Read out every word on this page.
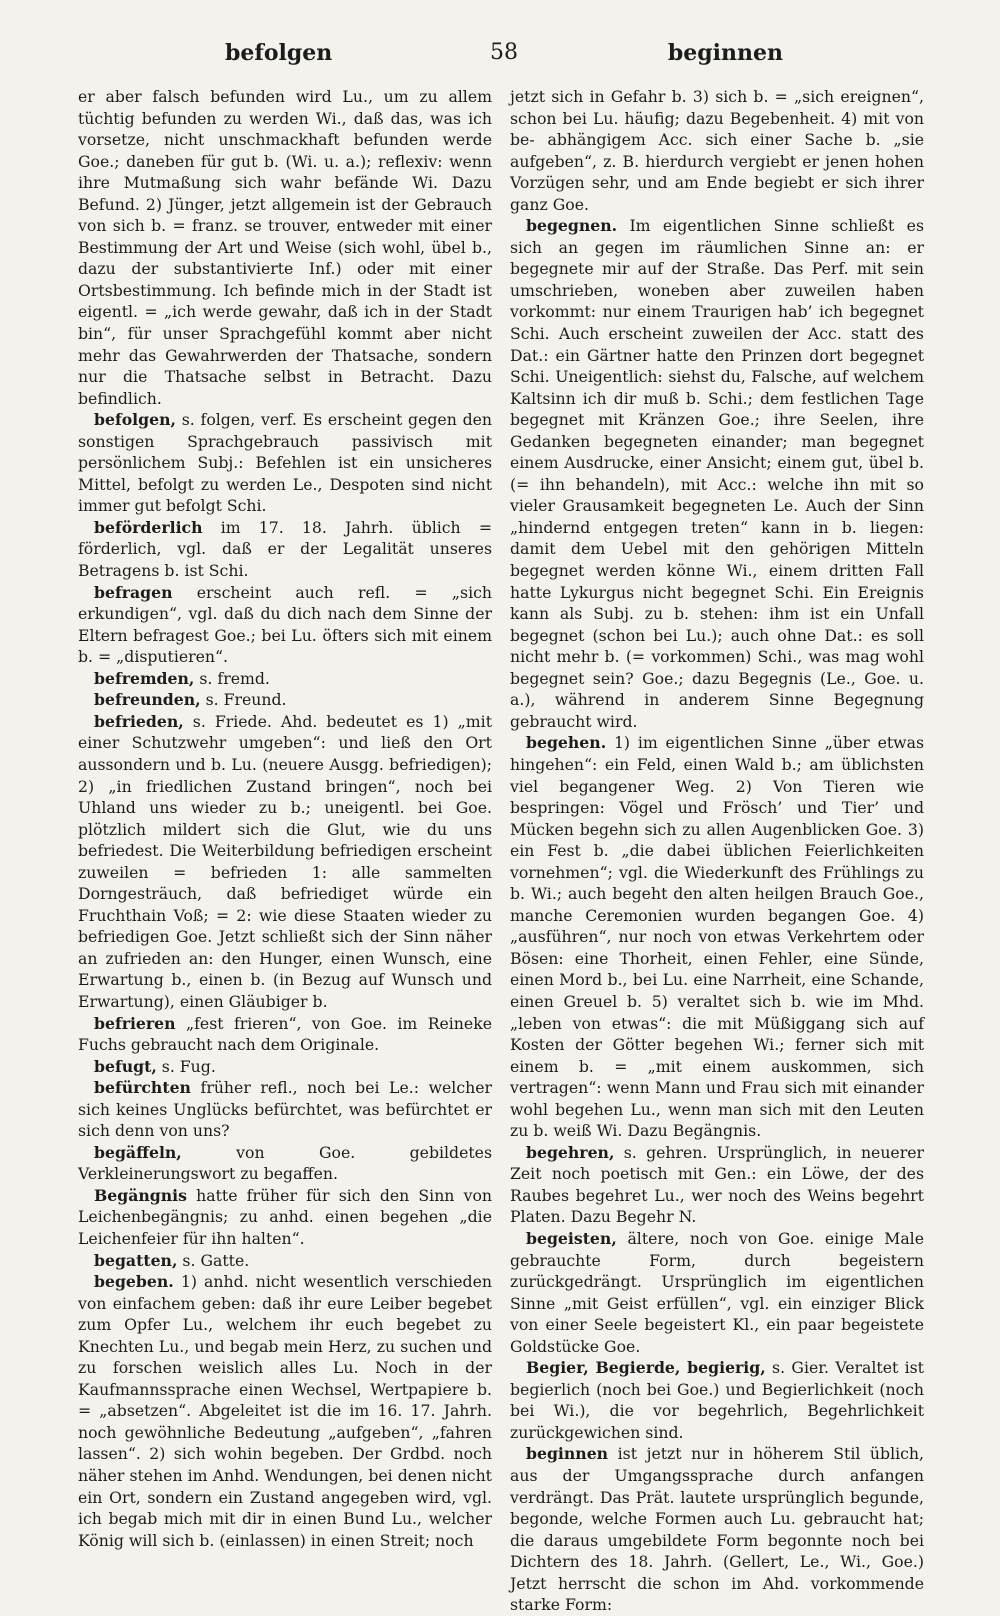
befolgen	58	beginnen

er aber falsch befunden wird Lu., um zu allem tüchtig befunden zu werden Wi., daß das, was ich vorsetze, nicht unschmackhaft befunden werde Goe.; daneben für gut b. (Wi. u. a.); reflexiv: wenn ihre Mutmaßung sich wahr befände Wi. Dazu Befund. 2) Jünger, jetzt allgemein ist der Gebrauch von sich b. = franz. se trouver, entweder mit einer Bestimmung der Art und Weise (sich wohl, übel b., dazu der substantivierte Inf.) oder mit einer Ortsbestimmung. Ich befinde mich in der Stadt ist eigentl. = „ich werde gewahr, daß ich in der Stadt bin“, für unser Sprachgefühl kommt aber nicht mehr das Gewahrwerden der Thatsache, sondern nur die Thatsache selbst in Betracht. Dazu befindlich.

befolgen, s. folgen, verf. Es erscheint gegen den sonstigen Sprachgebrauch passivisch mit persönlichem Subj.: Befehlen ist ein unsicheres Mittel, befolgt zu werden Le., Despoten sind nicht immer gut befolgt Schi.

beförderlich im 17. 18. Jahrh. üblich = förderlich, vgl. daß er der Legalität unseres Betragens b. ist Schi.

befragen erscheint auch refl. = „sich erkundigen“, vgl. daß du dich nach dem Sinne der Eltern befragest Goe.; bei Lu. öfters sich mit einem b. = „disputieren“.

befremden, s. fremd.

befreunden, s. Freund.

befrieden, s. Friede. Ahd. bedeutet es 1) „mit einer Schutzwehr umgeben“: und ließ den Ort aussondern und b. Lu. (neuere Ausgg. befriedigen); 2) „in friedlichen Zustand bringen“, noch bei Uhland uns wieder zu b.; uneigentl. bei Goe. plötzlich mildert sich die Glut, wie du uns befriedest. Die Weiterbildung befriedigen erscheint zuweilen = befrieden 1: alle sammelten Dorngesträuch, daß befriediget würde ein Fruchthain Voß; = 2: wie diese Staaten wieder zu befriedigen Goe. Jetzt schließt sich der Sinn näher an zufrieden an: den Hunger, einen Wunsch, eine Erwartung b., einen b. (in Bezug auf Wunsch und Erwartung), einen Gläubiger b.

befrieren „fest frieren“, von Goe. im Reineke Fuchs gebraucht nach dem Originale.

befugt, s. Fug.

befürchten früher refl., noch bei Le.: welcher sich keines Unglücks befürchtet, was befürchtet er sich denn von uns?

begäffeln, von Goe. gebildetes Verkleinerungswort zu begaffen.

Begängnis hatte früher für sich den Sinn von Leichenbegängnis; zu anhd. einen begehen „die Leichenfeier für ihn halten“.

begatten, s. Gatte.

begeben. 1) anhd. nicht wesentlich verschieden von einfachem geben: daß ihr eure Leiber begebet zum Opfer Lu., welchem ihr euch begebet zu Knechten Lu., und begab mein Herz, zu suchen und zu forschen weislich alles Lu. Noch in der Kaufmannssprache einen Wechsel, Wertpapiere b. = „absetzen“. Abgeleitet ist die im 16. 17. Jahrh. noch gewöhnliche Bedeutung „aufgeben“, „fahren lassen“. 2) sich wohin begeben. Der Grdbd. noch näher stehen im Anhd. Wendungen, bei denen nicht ein Ort, sondern ein Zustand angegeben wird, vgl. ich begab mich mit dir in einen Bund Lu., welcher König will sich b. (einlassen) in einen Streit; noch

jetzt sich in Gefahr b. 3) sich b. = „sich ereignen“, schon bei Lu. häufig; dazu Begebenheit. 4) mit von be- abhängigem Acc. sich einer Sache b. „sie aufgeben“, z. B. hierdurch vergiebt er jenen hohen Vorzügen sehr, und am Ende begiebt er sich ihrer ganz Goe.

begegnen. Im eigentlichen Sinne schließt es sich an gegen im räumlichen Sinne an: er begegnete mir auf der Straße. Das Perf. mit sein umschrieben, woneben aber zuweilen haben vorkommt: nur einem Traurigen hab’ ich begegnet Schi. Auch erscheint zuweilen der Acc. statt des Dat.: ein Gärtner hatte den Prinzen dort begegnet Schi. Uneigentlich: siehst du, Falsche, auf welchem Kaltsinn ich dir muß b. Schi.; dem festlichen Tage begegnet mit Kränzen Goe.; ihre Seelen, ihre Gedanken begegneten einander; man begegnet einem Ausdrucke, einer Ansicht; einem gut, übel b. (= ihn behandeln), mit Acc.: welche ihn mit so vieler Grausamkeit begegneten Le. Auch der Sinn „hindernd entgegen treten“ kann in b. liegen: damit dem Uebel mit den gehörigen Mitteln begegnet werden könne Wi., einem dritten Fall hatte Lykurgus nicht begegnet Schi. Ein Ereignis kann als Subj. zu b. stehen: ihm ist ein Unfall begegnet (schon bei Lu.); auch ohne Dat.: es soll nicht mehr b. (= vorkommen) Schi., was mag wohl begegnet sein? Goe.; dazu Begegnis (Le., Goe. u. a.), während in anderem Sinne Begegnung gebraucht wird.

begehen. 1) im eigentlichen Sinne „über etwas hingehen“: ein Feld, einen Wald b.; am üblichsten viel begangener Weg. 2) Von Tieren wie bespringen: Vögel und Frösch’ und Tier’ und Mücken begehn sich zu allen Augenblicken Goe. 3) ein Fest b. „die dabei üblichen Feierlichkeiten vornehmen“; vgl. die Wiederkunft des Frühlings zu b. Wi.; auch begeht den alten heilgen Brauch Goe., manche Ceremonien wurden begangen Goe. 4) „ausführen“, nur noch von etwas Verkehrtem oder Bösen: eine Thorheit, einen Fehler, eine Sünde, einen Mord b., bei Lu. eine Narrheit, eine Schande, einen Greuel b. 5) veraltet sich b. wie im Mhd. „leben von etwas“: die mit Müßiggang sich auf Kosten der Götter begehen Wi.; ferner sich mit einem b. = „mit einem auskommen, sich vertragen“: wenn Mann und Frau sich mit einander wohl begehen Lu., wenn man sich mit den Leuten zu b. weiß Wi. Dazu Begängnis.

begehren, s. gehren. Ursprünglich, in neuerer Zeit noch poetisch mit Gen.: ein Löwe, der des Raubes begehret Lu., wer noch des Weins begehrt Platen. Dazu Begehr N.

begeisten, ältere, noch von Goe. einige Male gebrauchte Form, durch begeistern zurückgedrängt. Ursprünglich im eigentlichen Sinne „mit Geist erfüllen“, vgl. ein einziger Blick von einer Seele begeistert Kl., ein paar begeistete Goldstücke Goe.

Begier, Begierde, begierig, s. Gier. Veraltet ist begierlich (noch bei Goe.) und Begierlichkeit (noch bei Wi.), die vor begehrlich, Begehrlichkeit zurückgewichen sind.

beginnen ist jetzt nur in höherem Stil üblich, aus der Umgangssprache durch anfangen verdrängt. Das Prät. lautete ursprünglich begunde, begonde, welche Formen auch Lu. gebraucht hat; die daraus umgebildete Form begonnte noch bei Dichtern des 18. Jahrh. (Gellert, Le., Wi., Goe.) Jetzt herrscht die schon im Ahd. vorkommende starke Form:
